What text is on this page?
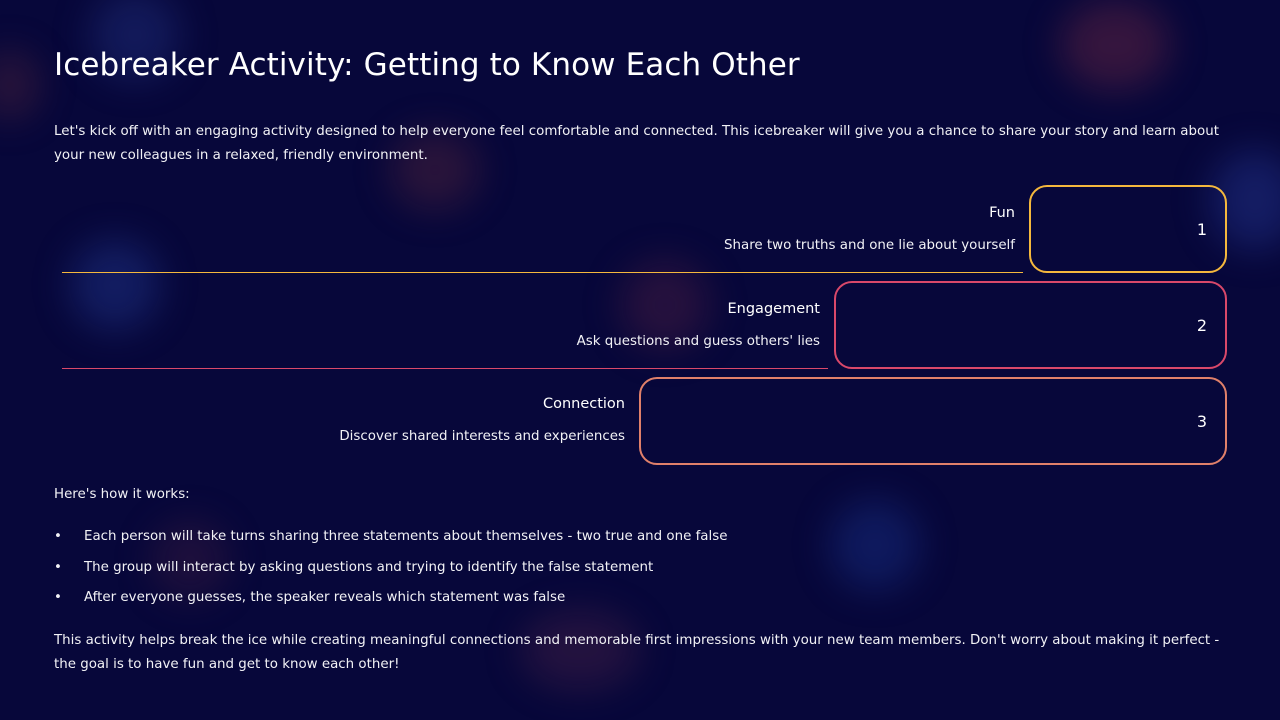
Icebreaker Activity: Getting to Know Each Other

Let's kick off with an engaging activity designed to help everyone feel comfortable and connected. This icebreaker will give you a chance to share your story and learn about your new colleagues in a relaxed, friendly environment.

Fun
Share two truths and one lie about yourself
1
Engagement
Ask questions and guess others' lies
2
Connection
Discover shared interests and experiences
3

Here's how it works:

• Each person will take turns sharing three statements about themselves - two true and one false
• The group will interact by asking questions and trying to identify the false statement
• After everyone guesses, the speaker reveals which statement was false

This activity helps break the ice while creating meaningful connections and memorable first impressions with your new team members. Don't worry about making it perfect - the goal is to have fun and get to know each other!
